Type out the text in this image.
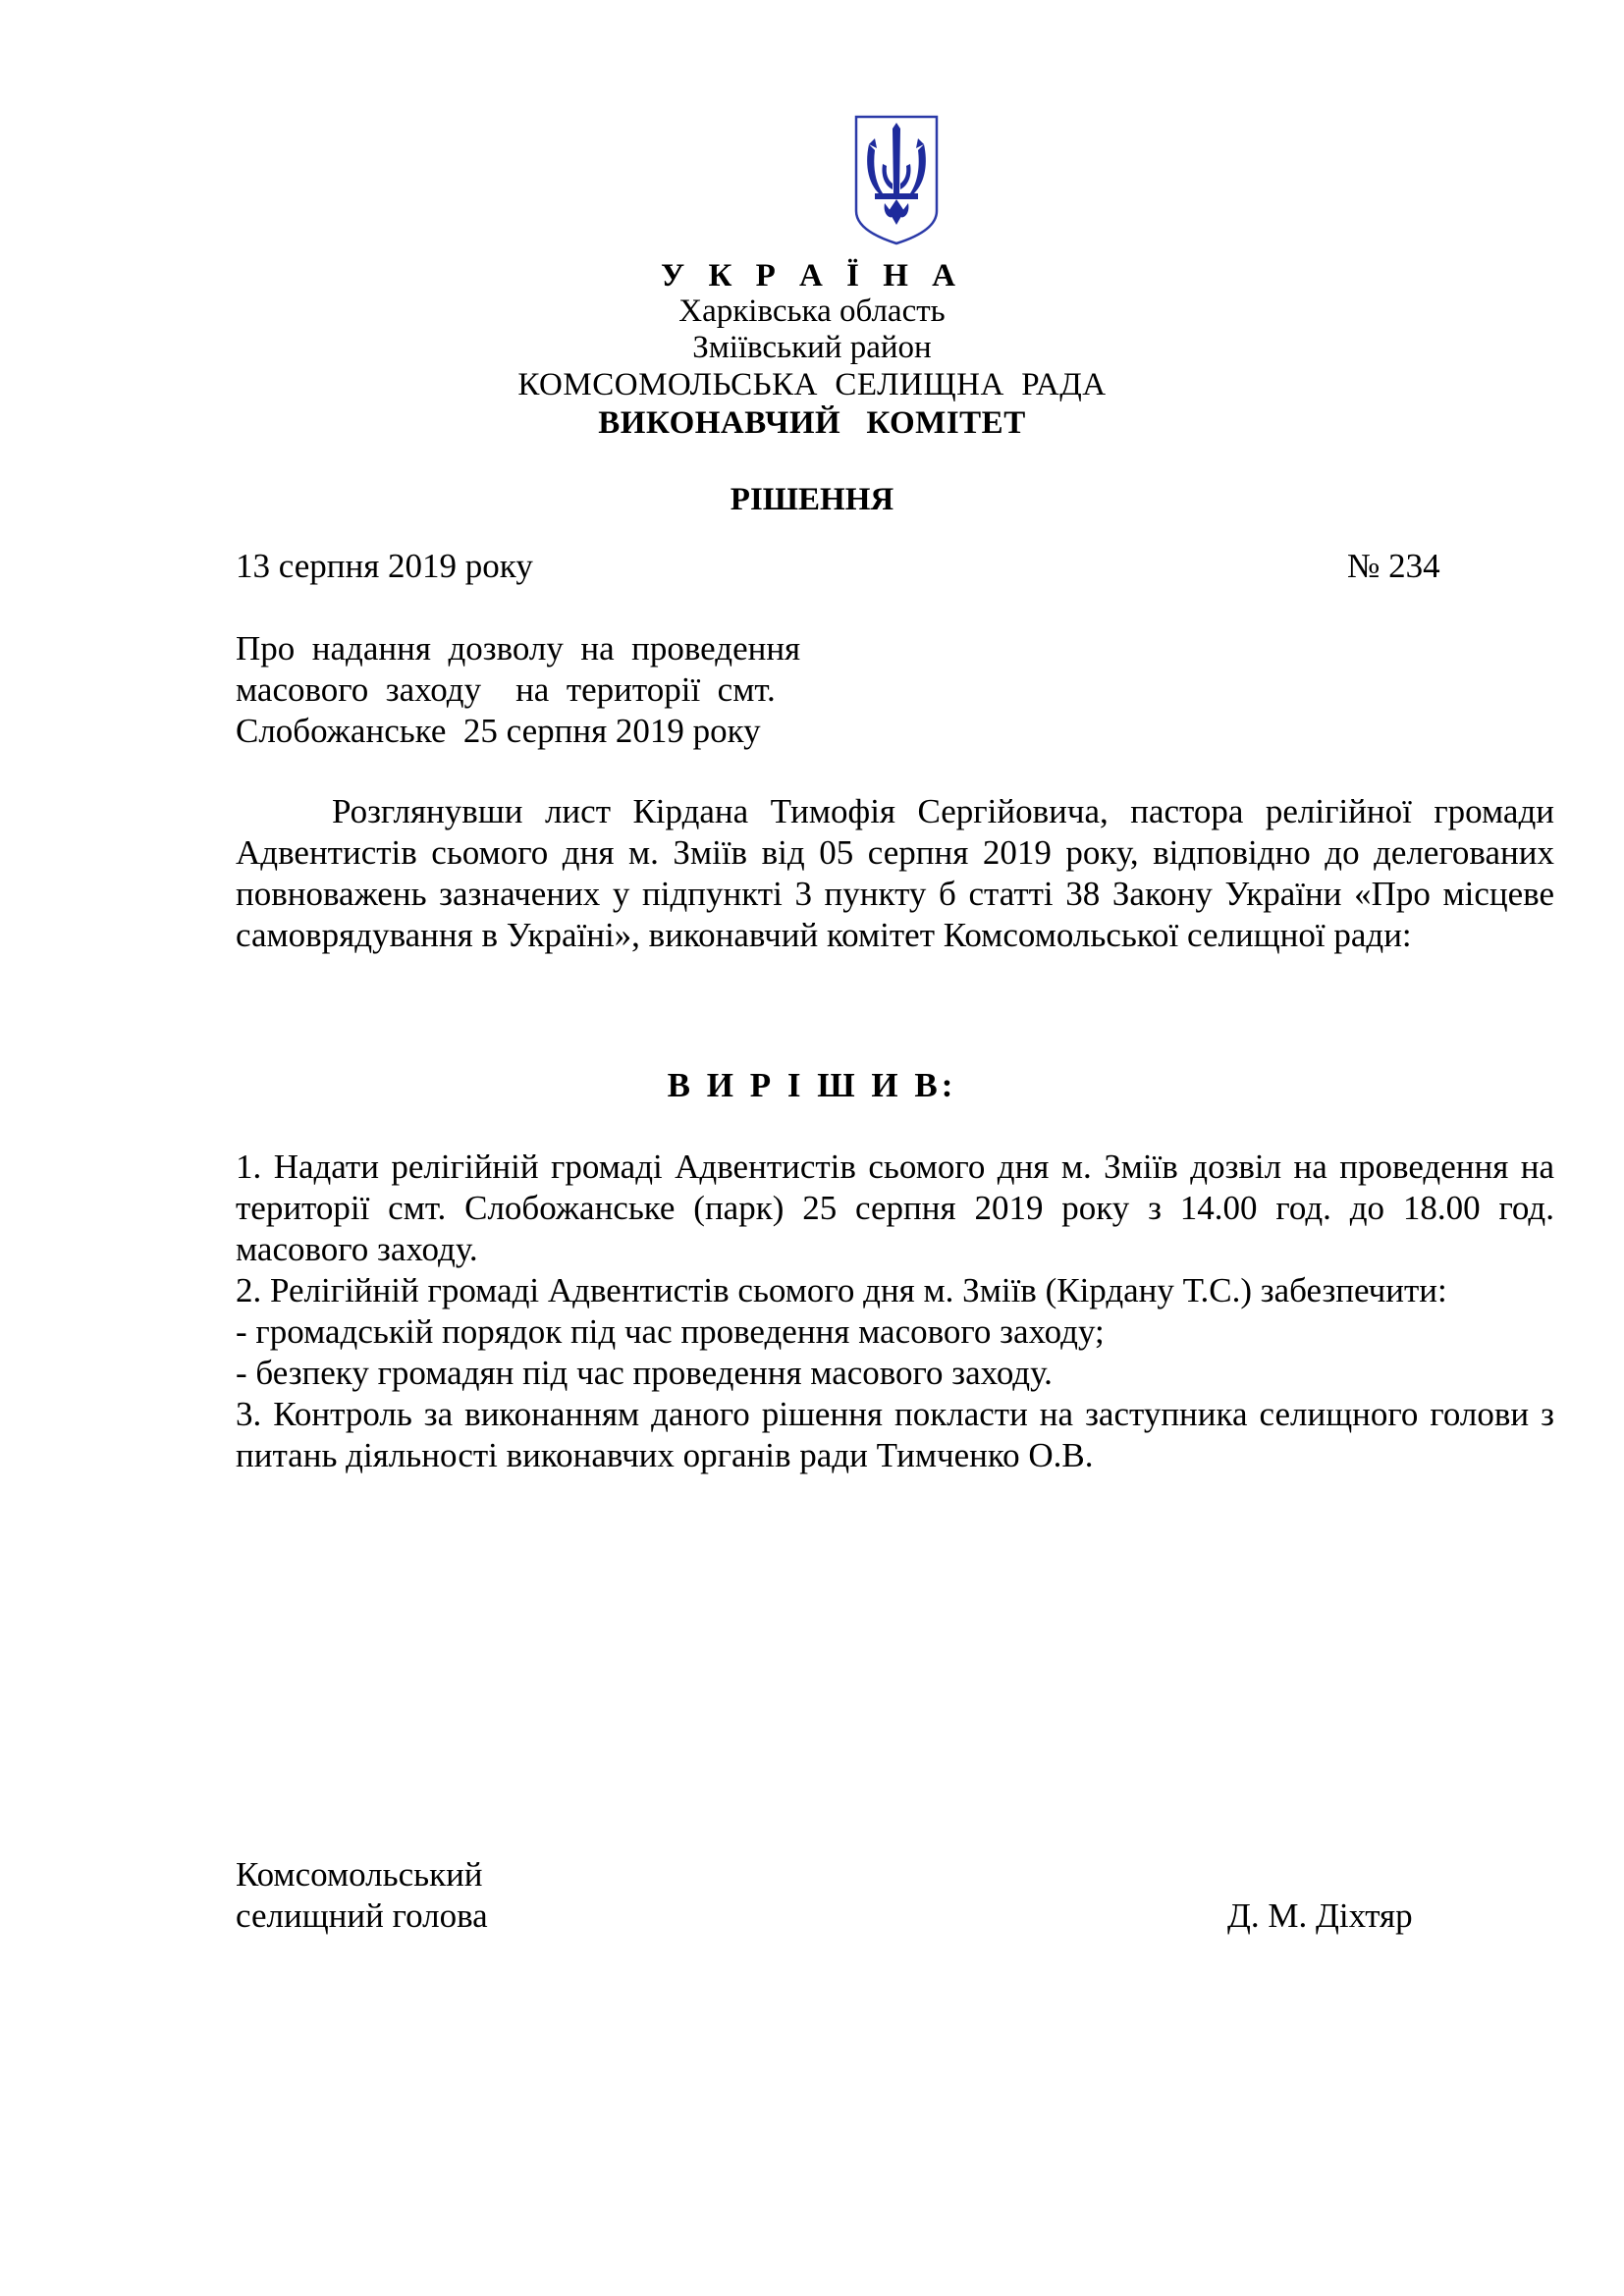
У К Р А Ї Н А
Харківська область
Зміївський район
КОМСОМОЛЬСЬКА  СЕЛИЩНА  РАДА
ВИКОНАВЧИЙ   КОМІТЕТ
РІШЕННЯ
13 серпня 2019 року	№ 234
Про  надання  дозволу  на  проведення
масового  заходу    на  території  смт.
Слобожанське  25 серпня 2019 року
Розглянувши лист Кірдана Тимофія Сергійовича, пастора релігійної громади Адвентистів сьомого дня м. Зміїв від 05 серпня 2019 року, відповідно до делегованих повноважень зазначених у підпункті 3 пункту б статті 38 Закону України «Про місцеве самоврядування в Україні», виконавчий комітет Комсомольської селищної ради:
В И Р І Ш И В:

1. Надати релігійній громаді Адвентистів сьомого дня м. Зміїв дозвіл на проведення на території смт. Слобожанське (парк) 25 серпня 2019 року з 14.00 год. до 18.00 год. масового заходу.

2. Релігійній громаді Адвентистів сьомого дня м. Зміїв (Кірдану Т.С.) забезпечити:

- громадській порядок під час проведення масового заходу;

- безпеку громадян під час проведення масового заходу.

3. Контроль за виконанням даного рішення покласти на заступника селищного голови з питань діяльності виконавчих органів ради Тимченко О.В.

Комсомольський
селищний голова	Д. М. Діхтяр
